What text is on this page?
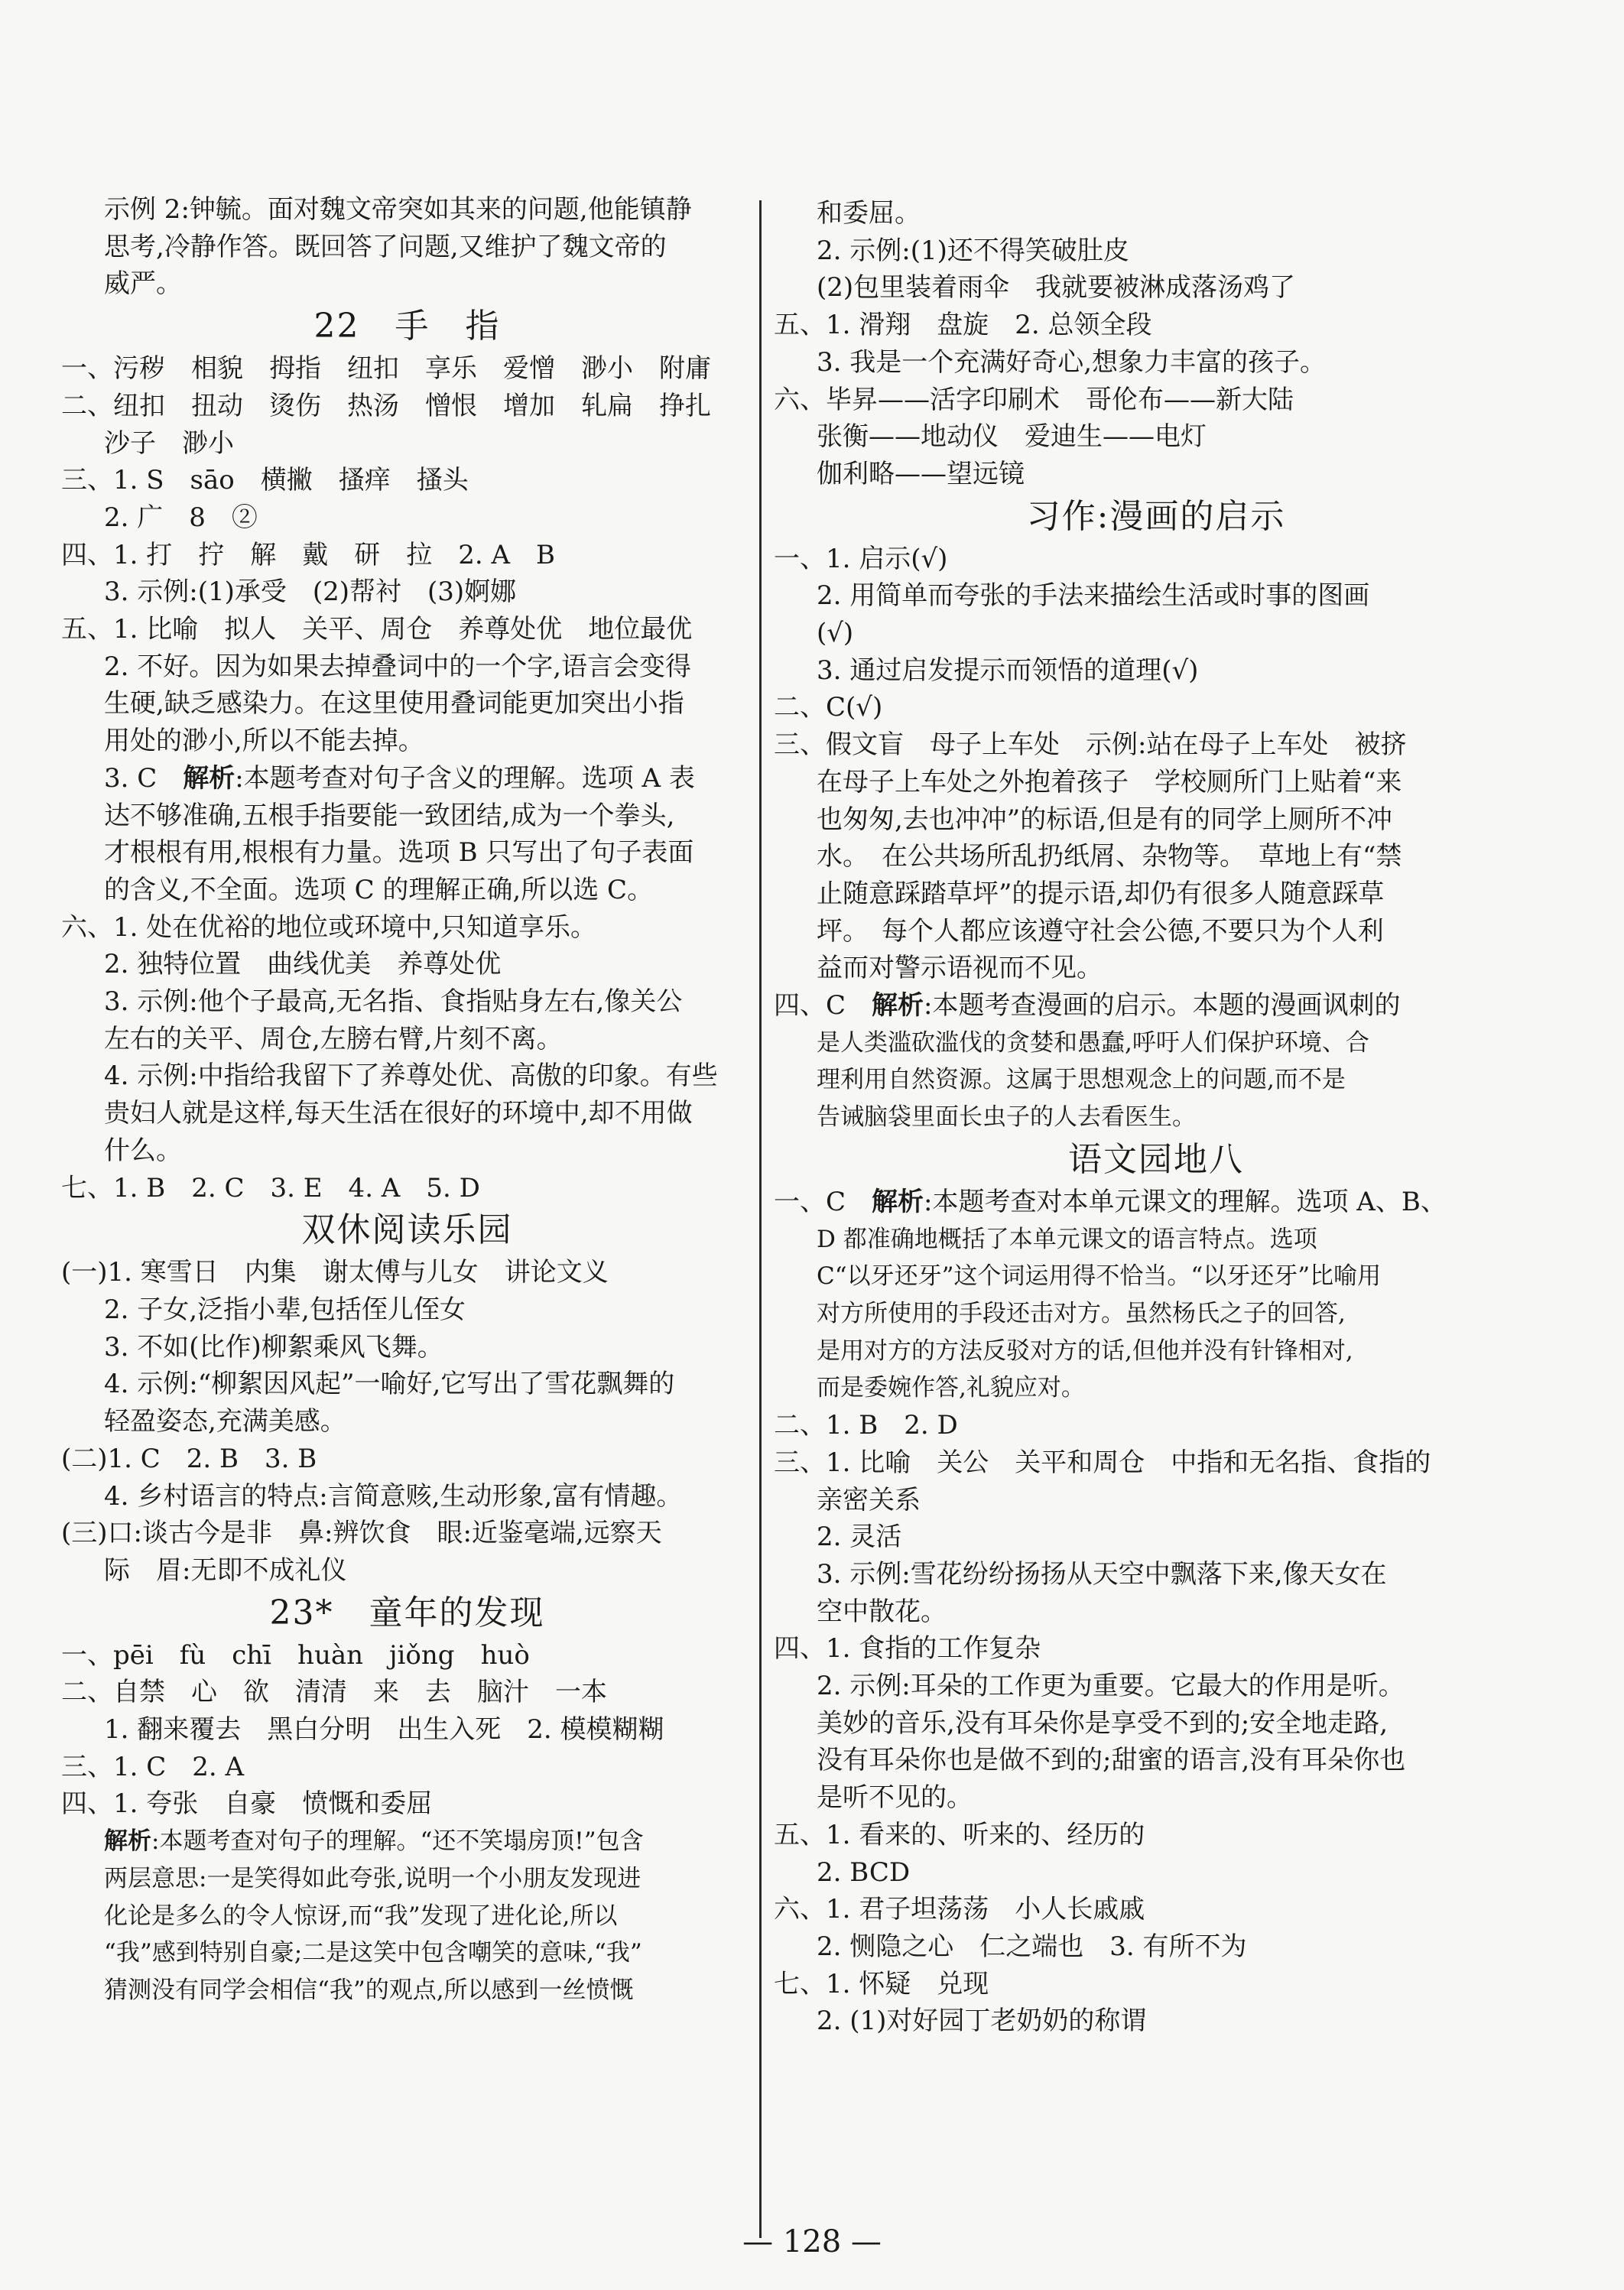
示例 2:钟毓。面对魏文帝突如其来的问题,他能镇静
思考,冷静作答。既回答了问题,又维护了魏文帝的
威严。
22　手　指
一、污秽　相貌　拇指　纽扣　享乐　爱憎　渺小　附庸
二、纽扣　扭动　烫伤　热汤　憎恨　增加　轧扁　挣扎
沙子　渺小
三、1. S　sāo　横撇　搔痒　搔头
2. 广　8　②
四、1. 打　拧　解　戴　研　拉　2. A　B
3. 示例:(1)承受　(2)帮衬　(3)婀娜
五、1. 比喻　拟人　关平、周仓　养尊处优　地位最优
2. 不好。因为如果去掉叠词中的一个字,语言会变得
生硬,缺乏感染力。在这里使用叠词能更加突出小指
用处的渺小,所以不能去掉。
3. C　解析:本题考查对句子含义的理解。选项 A 表
达不够准确,五根手指要能一致团结,成为一个拳头,
才根根有用,根根有力量。选项 B 只写出了句子表面
的含义,不全面。选项 C 的理解正确,所以选 C。
六、1. 处在优裕的地位或环境中,只知道享乐。
2. 独特位置　曲线优美　养尊处优
3. 示例:他个子最高,无名指、食指贴身左右,像关公
左右的关平、周仓,左膀右臂,片刻不离。
4. 示例:中指给我留下了养尊处优、高傲的印象。有些
贵妇人就是这样,每天生活在很好的环境中,却不用做
什么。
七、1. B　2. C　3. E　4. A　5. D
双休阅读乐园
(一)1. 寒雪日　内集　谢太傅与儿女　讲论文义
2. 子女,泛指小辈,包括侄儿侄女
3. 不如(比作)柳絮乘风飞舞。
4. 示例:“柳絮因风起”一喻好,它写出了雪花飘舞的
轻盈姿态,充满美感。
(二)1. C　2. B　3. B
4. 乡村语言的特点:言简意赅,生动形象,富有情趣。
(三)口:谈古今是非　鼻:辨饮食　眼:近鉴毫端,远察天
际　眉:无即不成礼仪
23*　童年的发现
一、pēi　fù　chī　huàn　jiǒng　huò
二、自禁　心　欲　清清　来　去　脑汁　一本
1. 翻来覆去　黑白分明　出生入死　2. 模模糊糊
三、1. C　2. A
四、1. 夸张　自豪　愤慨和委屈
解析:本题考查对句子的理解。“还不笑塌房顶!”包含
两层意思:一是笑得如此夸张,说明一个小朋友发现进
化论是多么的令人惊讶,而“我”发现了进化论,所以
“我”感到特别自豪;二是这笑中包含嘲笑的意味,“我”
猜测没有同学会相信“我”的观点,所以感到一丝愤慨
和委屈。
2. 示例:(1)还不得笑破肚皮
(2)包里装着雨伞　我就要被淋成落汤鸡了
五、1. 滑翔　盘旋　2. 总领全段
3. 我是一个充满好奇心,想象力丰富的孩子。
六、毕昇——活字印刷术　哥伦布——新大陆
张衡——地动仪　爱迪生——电灯
伽利略——望远镜
习作:漫画的启示
一、1. 启示(√)
2. 用简单而夸张的手法来描绘生活或时事的图画
(√)
3. 通过启发提示而领悟的道理(√)
二、C(√)
三、假文盲　母子上车处　示例:站在母子上车处　被挤
在母子上车处之外抱着孩子　学校厕所门上贴着“来
也匆匆,去也冲冲”的标语,但是有的同学上厕所不冲
水。　在公共场所乱扔纸屑、杂物等。　草地上有“禁
止随意踩踏草坪”的提示语,却仍有很多人随意踩草
坪。　每个人都应该遵守社会公德,不要只为个人利
益而对警示语视而不见。
四、C　解析:本题考查漫画的启示。本题的漫画讽刺的
是人类滥砍滥伐的贪婪和愚蠢,呼吁人们保护环境、合
理利用自然资源。这属于思想观念上的问题,而不是
告诫脑袋里面长虫子的人去看医生。
语文园地八
一、C　解析:本题考查对本单元课文的理解。选项 A、B、
D 都准确地概括了本单元课文的语言特点。选项
C“以牙还牙”这个词运用得不恰当。“以牙还牙”比喻用
对方所使用的手段还击对方。虽然杨氏之子的回答,
是用对方的方法反驳对方的话,但他并没有针锋相对,
而是委婉作答,礼貌应对。
二、1. B　2. D
三、1. 比喻　关公　关平和周仓　中指和无名指、食指的
亲密关系
2. 灵活
3. 示例:雪花纷纷扬扬从天空中飘落下来,像天女在
空中散花。
四、1. 食指的工作复杂
2. 示例:耳朵的工作更为重要。它最大的作用是听。
美妙的音乐,没有耳朵你是享受不到的;安全地走路,
没有耳朵你也是做不到的;甜蜜的语言,没有耳朵你也
是听不见的。
五、1. 看来的、听来的、经历的
2. BCD
六、1. 君子坦荡荡　小人长戚戚
2. 恻隐之心　仁之端也　3. 有所不为
七、1. 怀疑　兑现
2. (1)对好园丁老奶奶的称谓
— 128 —
